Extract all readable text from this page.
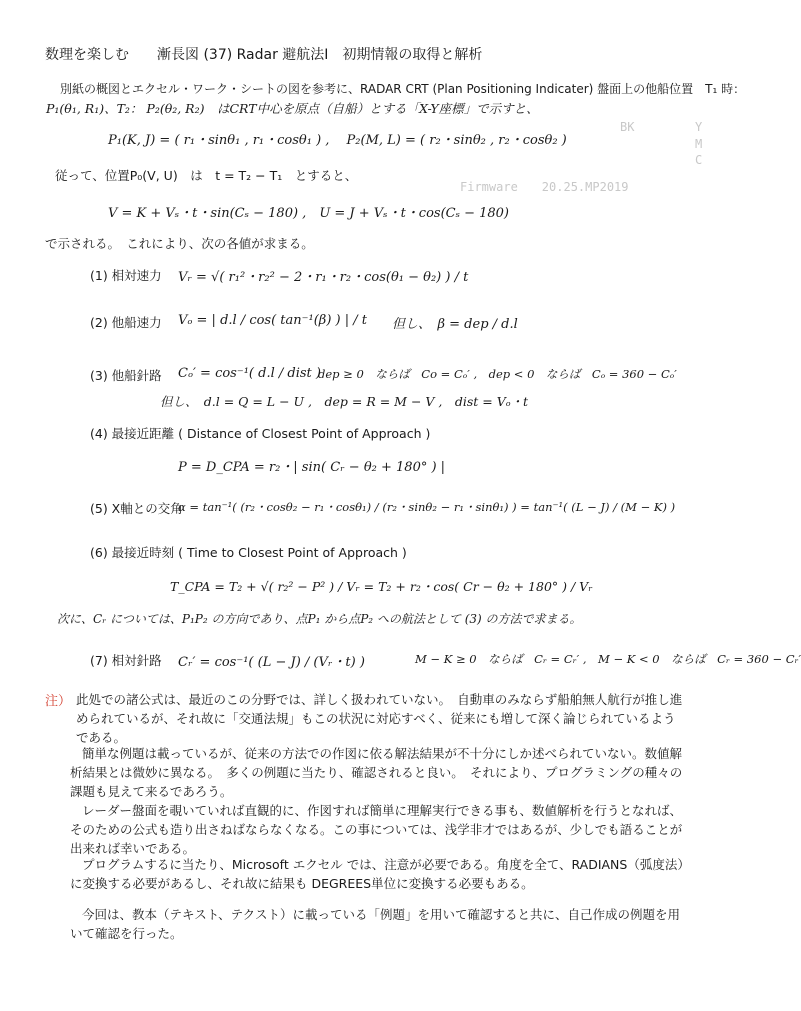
数理を楽しむ　　漸長図 (37) Radar 避航法Ⅰ　初期情報の取得と解析
BK	Y
M
C
Firmware　　20.25.MP2019
別紙の概図とエクセル・ワーク・シートの図を参考に、RADAR CRT (Plan Positioning Indicater) 盤面上の他船位置　T₁ 時：
P₁(θ₁, R₁)、T₂： P₂(θ₂, R₂)　はCRT中心を原点（自船）とする「X-Y座標」で示すと、
P₁(K, J) = ( r₁・sinθ₁ , r₁・cosθ₁ ) ,　 P₂(M, L) = ( r₂・sinθ₂ , r₂・cosθ₂ )
従って、位置P₀(V, U)　は　t = T₂ − T₁　とすると、
V = K + Vₛ・t・sin(Cₛ − 180) ,　U = J + Vₛ・t・cos(Cₛ − 180)
で示される。　これにより、次の各値が求まる。
(1) 相対速力 Vᵣ = √( r₁²・r₂² − 2・r₁・r₂・cos(θ₁ − θ₂) ) / t
(2) 他船速力 Vₒ = | d.l / cos( tan⁻¹(β) ) | / t 但し、　β = dep / d.l
(3) 他船針路 Cₒ′ = cos⁻¹( d.l / dist )
dep ≥ 0　ならば　Co = Cₒ′ ,　dep < 0　ならば　Cₒ = 360 − Cₒ′
但し、　d.l = Q = L − U ,　dep = R = M − V ,　dist = Vₒ・t
(4) 最接近距離 ( Distance of Closest Point of Approach )
P = D_CPA = r₂・| sin( Cᵣ − θ₂ + 180° ) |
(5) X軸との交角
α = tan⁻¹( (r₂・cosθ₂ − r₁・cosθ₁) / (r₂・sinθ₂ − r₁・sinθ₁) ) = tan⁻¹( (L − J) / (M − K) )
(6) 最接近時刻 ( Time to Closest Point of Approach )
T_CPA = T₂ + √( r₂² − P² ) / Vᵣ = T₂ + r₂・cos( Cr − θ₂ + 180° ) / Vᵣ
次に、Cᵣ については、P₁P₂ の方向であり、点P₁ から点P₂ への航法として (3) の方法で求まる。
(7) 相対針路 Cᵣ′ = cos⁻¹( (L − J) / (Vᵣ・t) )	M − K ≥ 0　ならば　Cᵣ = Cᵣ′ ,　M − K < 0　ならば　Cᵣ = 360 − Cᵣ′
注） 此処での諸公式は、最近のこの分野では、詳しく扱われていない。　自動車のみならず船舶無人航行が推し進められているが、それ故に「交通法規」もこの状況に対応すべく、従来にも増して深く論じられているようである。
簡単な例題は載っているが、従来の方法での作図に依る解法結果が不十分にしか述べられていない。数値解析結果とは微妙に異なる。　多くの例題に当たり、確認されると良い。　それにより、プログラミングの種々の課題も見えて来るであろう。
レーダー盤面を覗いていれば直観的に、作図すれば簡単に理解実行できる事も、数値解析を行うとなれば、そのための公式も造り出さねばならなくなる。この事については、浅学非才ではあるが、少しでも語ることが出来れば幸いである。
プログラムするに当たり、Microsoft エクセル では、注意が必要である。角度を全て、RADIANS（弧度法）に変換する必要があるし、それ故に結果も DEGREES単位に変換する必要もある。
今回は、教本（テキスト、テクスト）に載っている「例題」を用いて確認すると共に、自己作成の例題を用いて確認を行った。
